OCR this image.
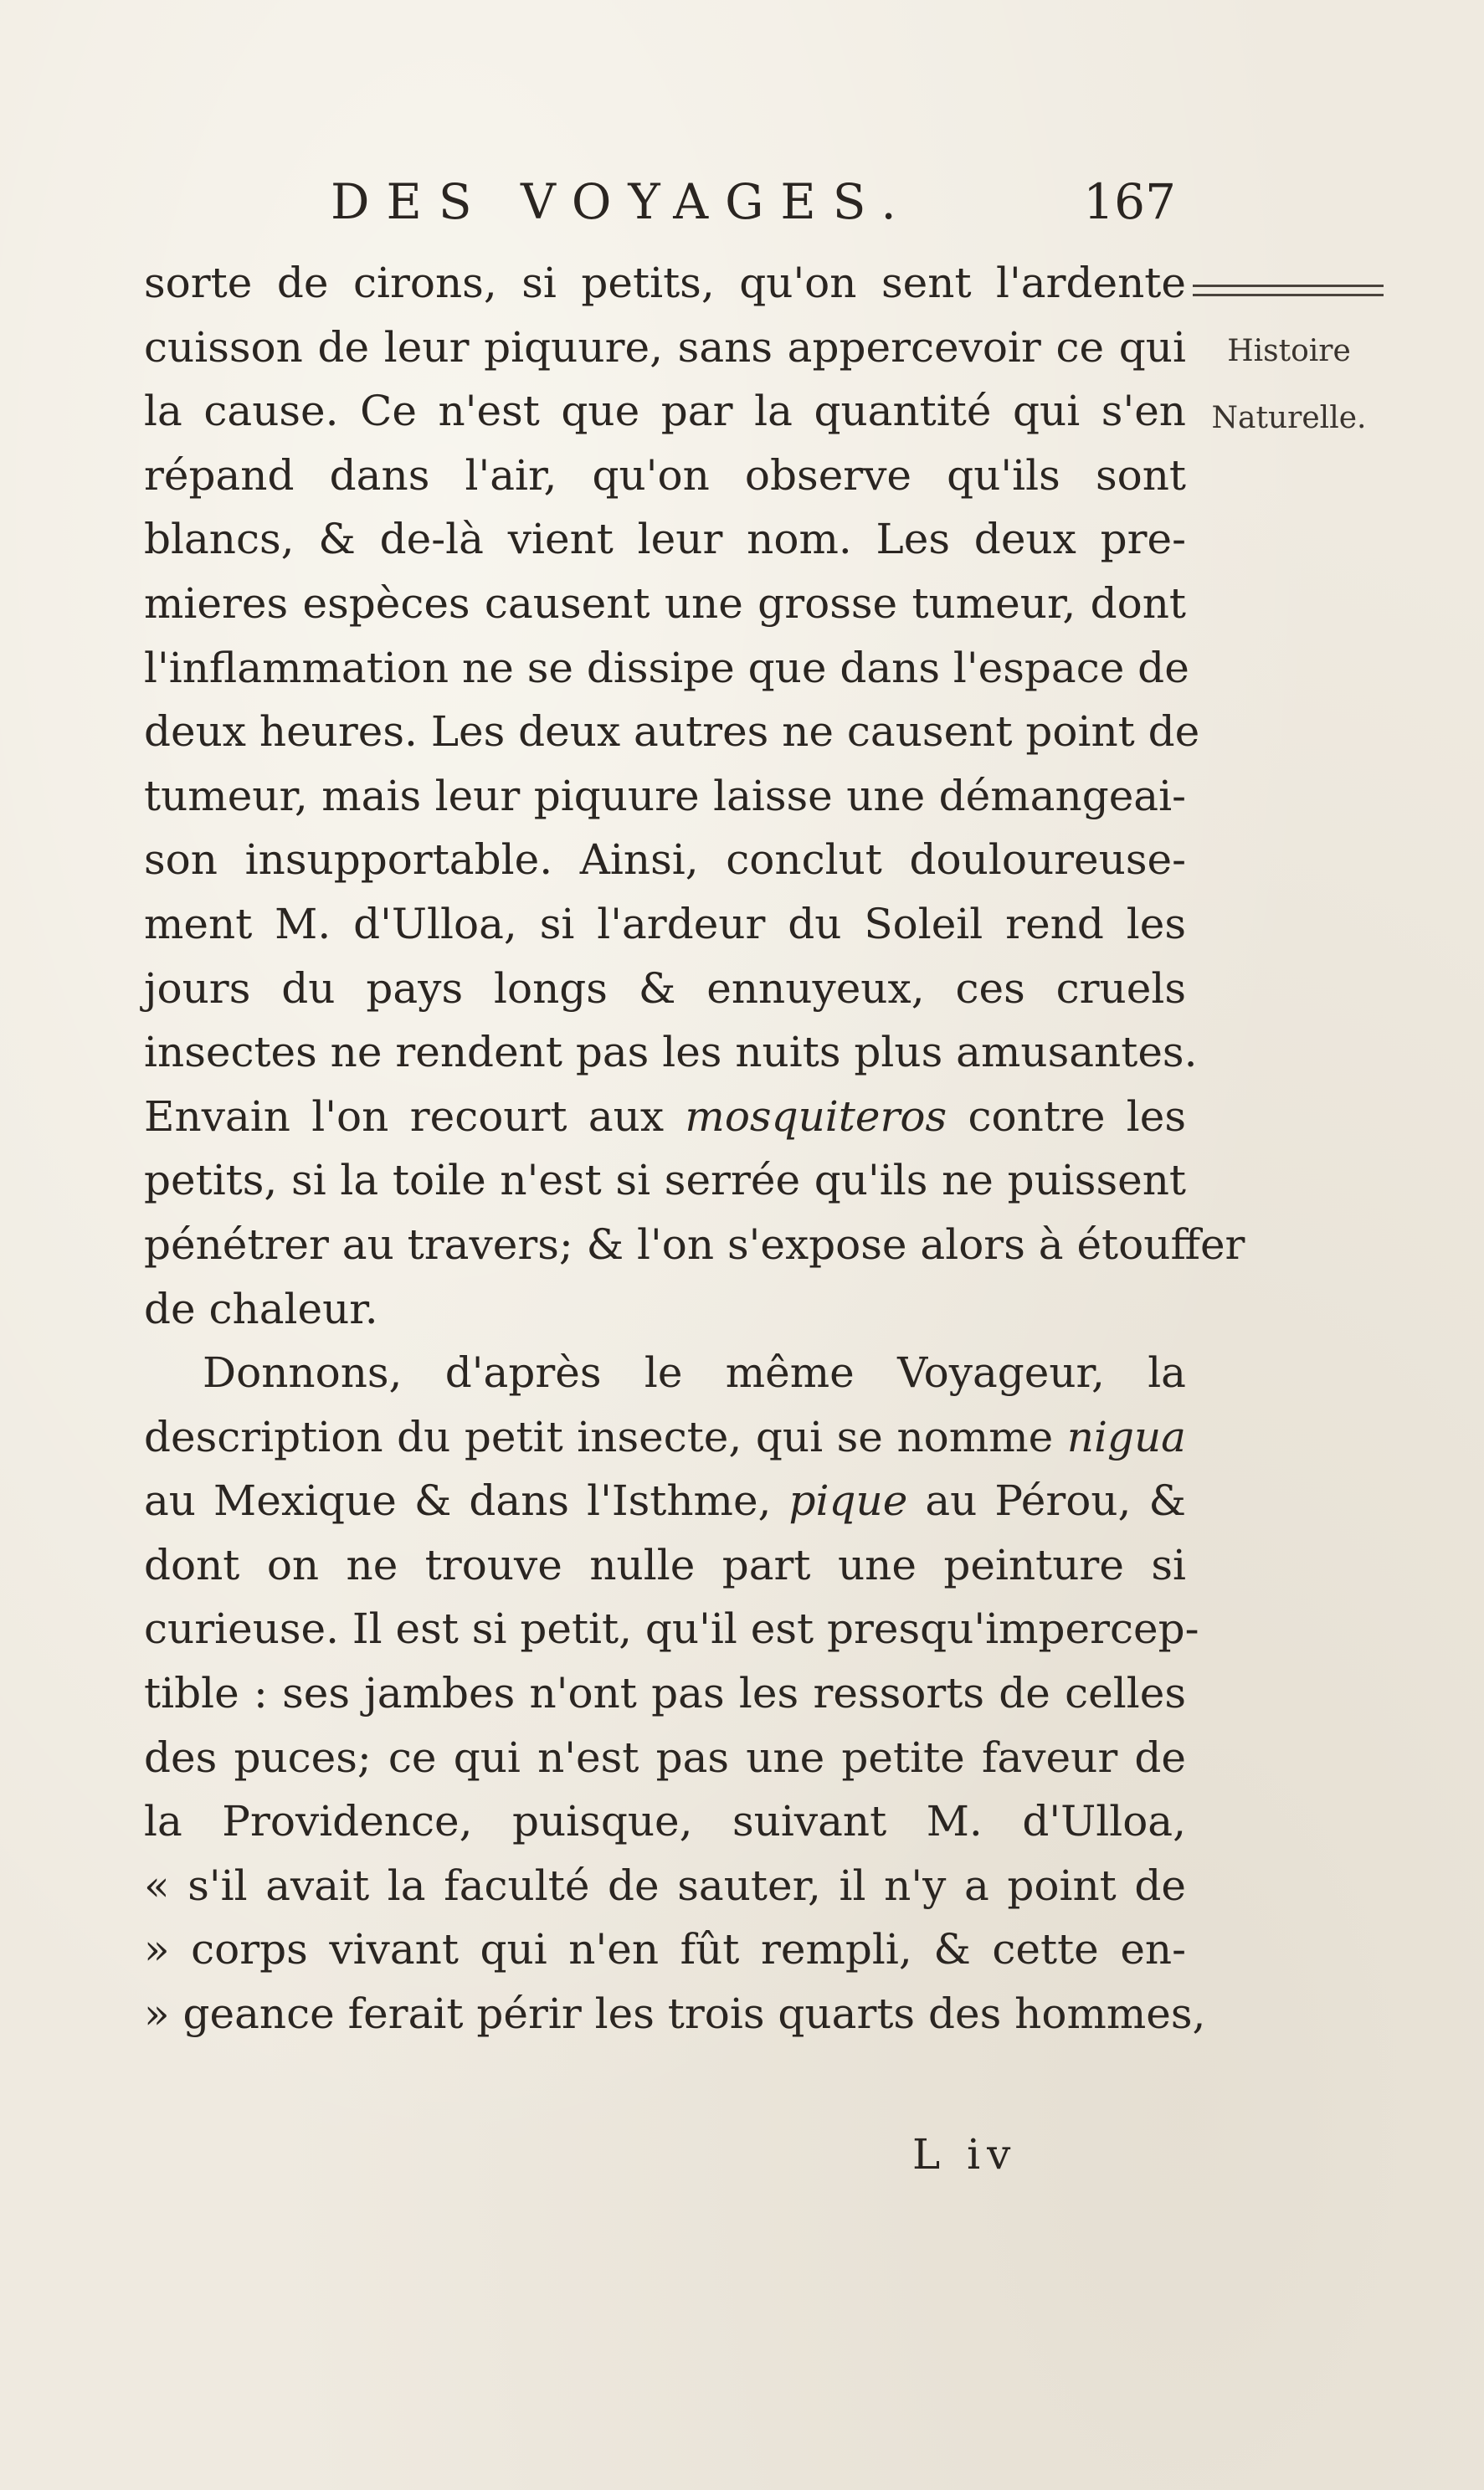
DES VOYAGES.	167
Histoire
Naturelle.
sorte de cirons, si petits, qu'on sent l'ardente
cuisson de leur piquure, sans appercevoir ce qui
la cause. Ce n'est que par la quantité qui s'en
répand dans l'air, qu'on observe qu'ils sont
blancs, & de-là vient leur nom. Les deux pre-
mieres espèces causent une grosse tumeur, dont
l'inflammation ne se dissipe que dans l'espace de
deux heures. Les deux autres ne causent point de
tumeur, mais leur piquure laisse une démangeai-
son insupportable. Ainsi, conclut douloureuse-
ment M. d'Ulloa, si l'ardeur du Soleil rend les
jours du pays longs & ennuyeux, ces cruels
insectes ne rendent pas les nuits plus amusantes.
Envain l'on recourt aux mosquiteros contre les
petits, si la toile n'est si serrée qu'ils ne puissent
pénétrer au travers; & l'on s'expose alors à étouffer
de chaleur.
Donnons, d'après le même Voyageur, la
description du petit insecte, qui se nomme nigua
au Mexique & dans l'Isthme, pique au Pérou, &
dont on ne trouve nulle part une peinture si
curieuse. Il est si petit, qu'il est presqu'impercep-
tible : ses jambes n'ont pas les ressorts de celles
des puces; ce qui n'est pas une petite faveur de
la Providence, puisque, suivant M. d'Ulloa,
« s'il avait la faculté de sauter, il n'y a point de
» corps vivant qui n'en fût rempli, & cette en-
» geance ferait périr les trois quarts des hommes,
L iv
